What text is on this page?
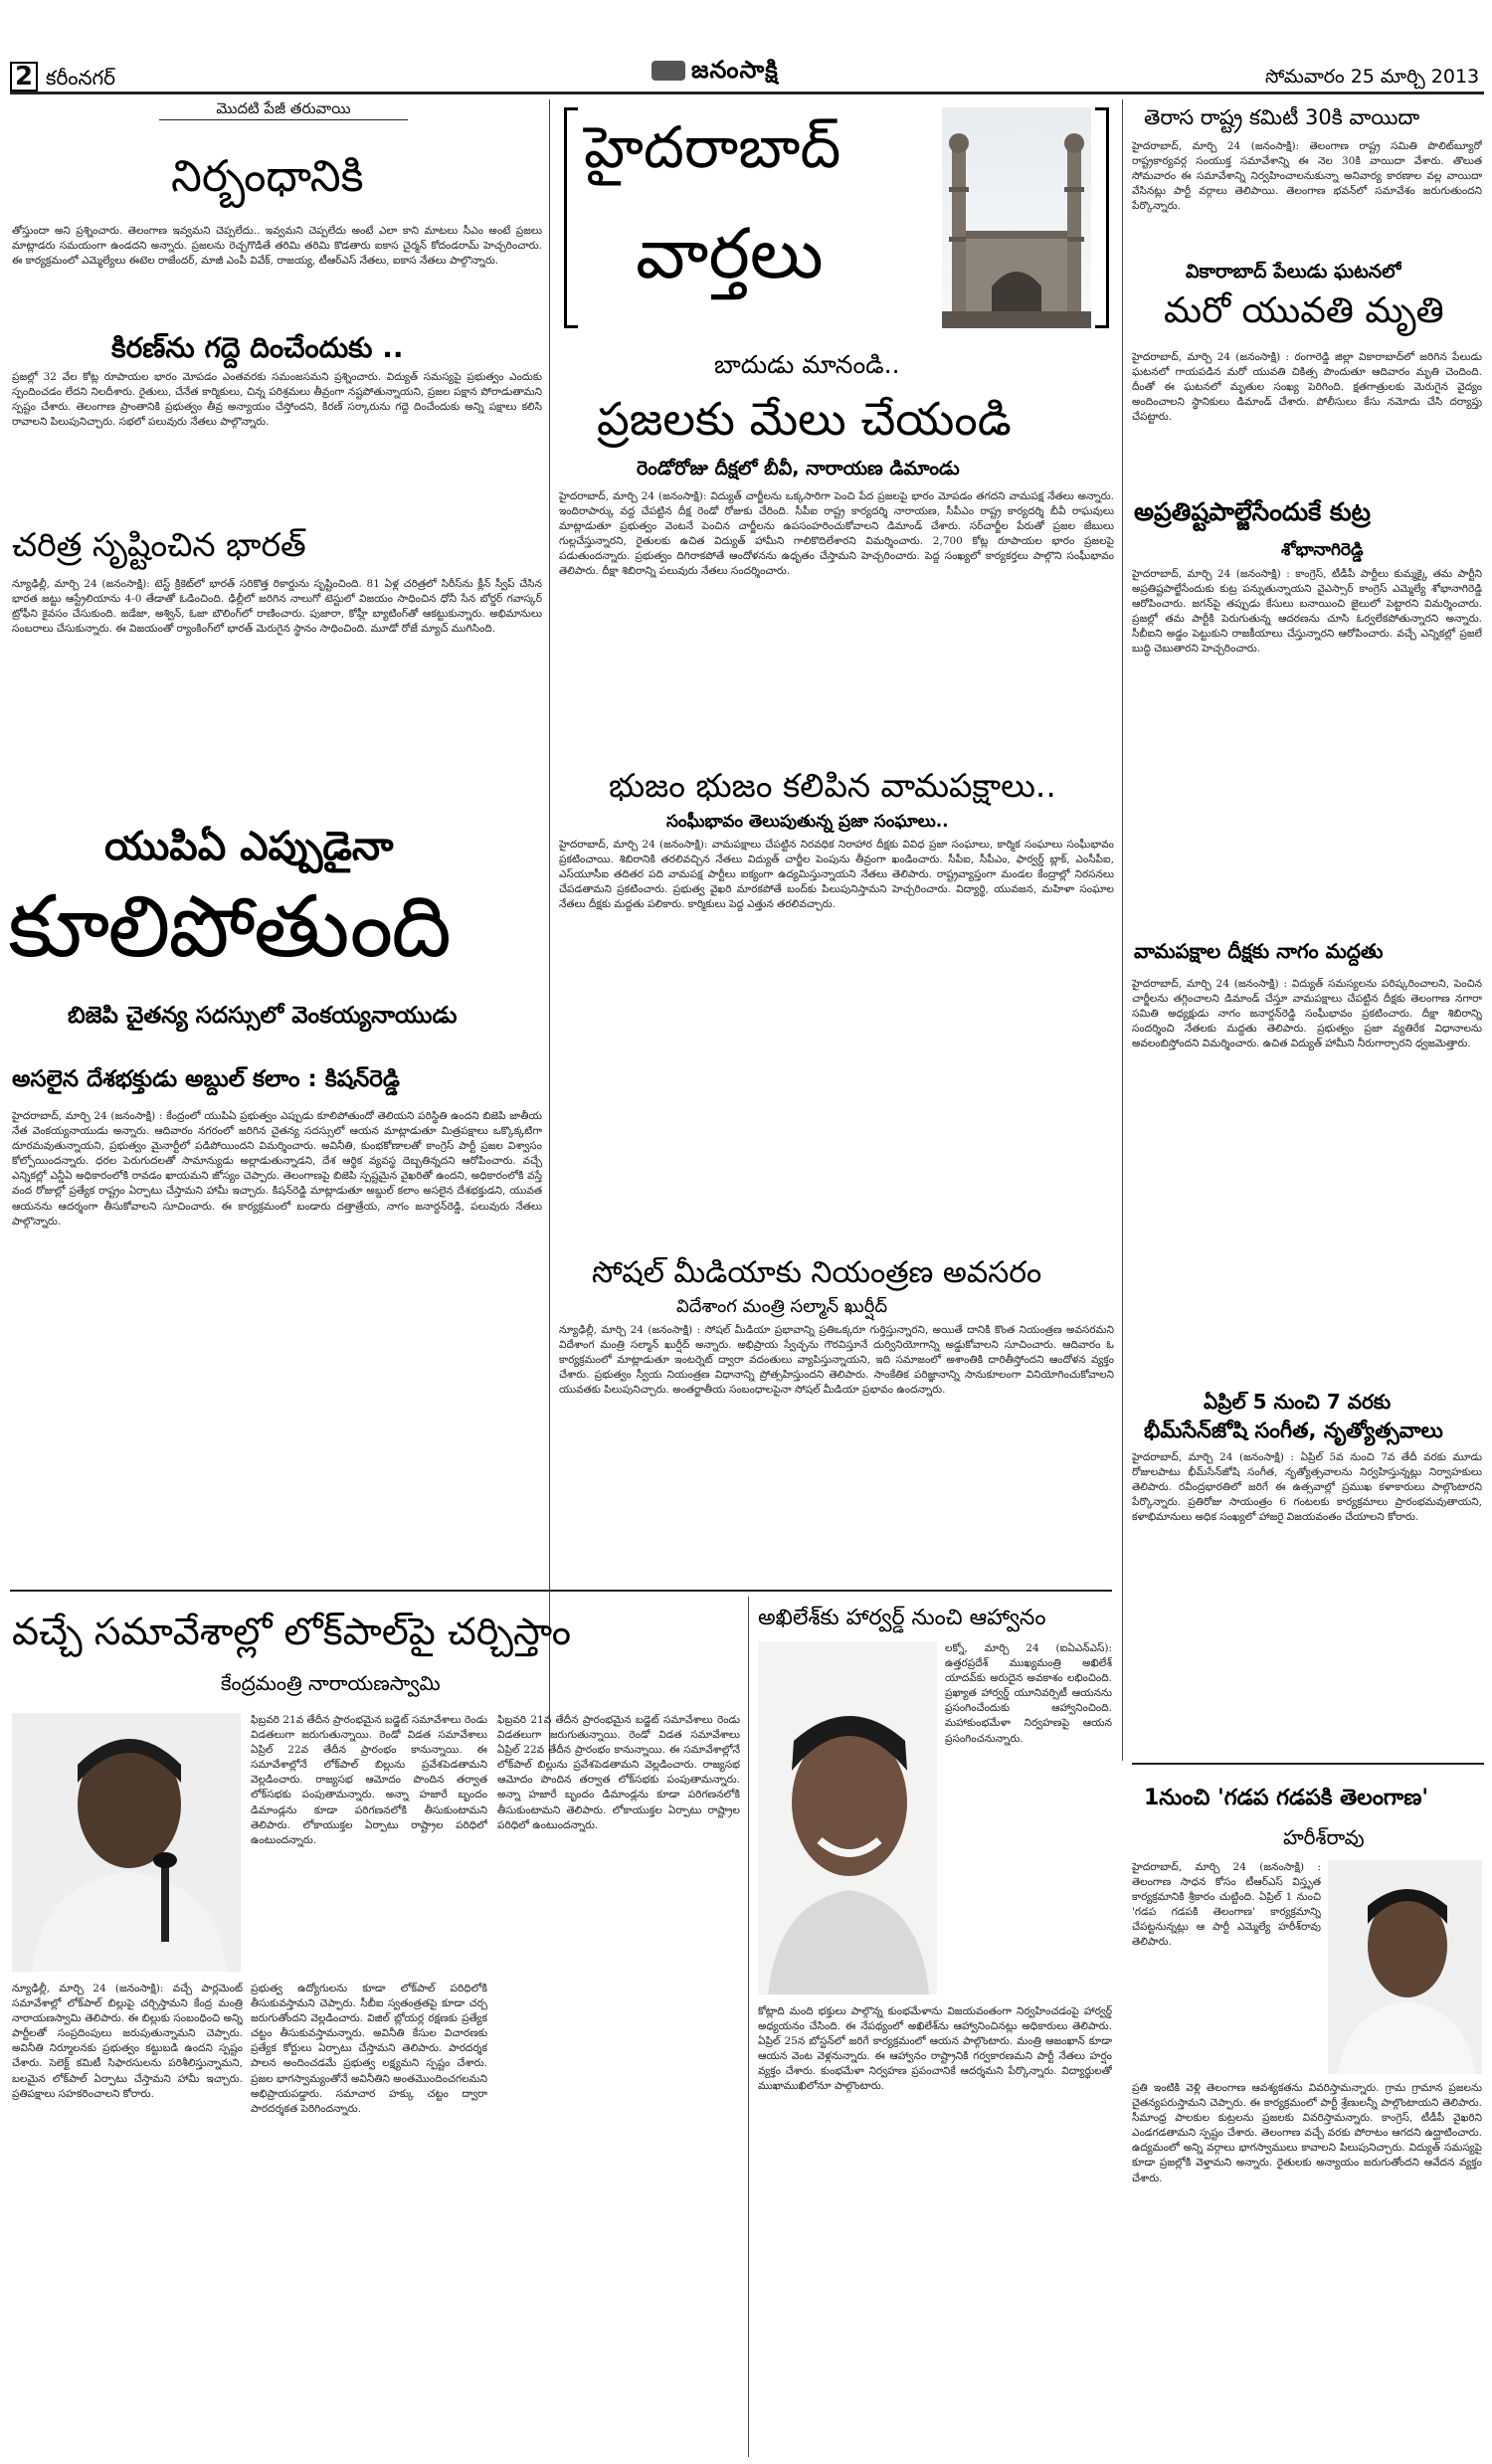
2 కరీంనగర్	జనంసాక్షి	సోమవారం 25 మార్చి 2013
మొదటి పేజీ తరువాయి
నిర్బంధానికి
తోస్తుందా అని ప్రశ్నించారు. తెలంగాణ ఇవ్వమని చెప్పలేదు.. ఇవ్వమని చెప్పలేదు అంటే ఎలా కాని మాటలు సీఎం అంటే ప్రజలు మాట్లాడరు సమయంగా ఉండదని అన్నారు. ప్రజలను రెచ్చగొడితే తరిమి తరిమి కొడతారు ఐకాస చైర్మన్ కోదండరామ్ హెచ్చరించారు. ఈ కార్యక్రమంలో ఎమ్మెల్యేలు ఈటెల రాజేందర్, మాజీ ఎంపీ వివేక్, రాజయ్య, టీఆర్ఎస్ నేతలు, ఐకాస నేతలు పాల్గొన్నారు.
కిరణ్‌ను గద్దె దించేందుకు ..
ప్రజల్లో 32 వేల కోట్ల రూపాయల భారం మోపడం ఎంతవరకు సమంజసమని ప్రశ్నించారు. విద్యుత్ సమస్యపై ప్రభుత్వం ఎందుకు స్పందించడం లేదని నిలదీశారు. రైతులు, చేనేత కార్మికులు, చిన్న పరిశ్రమలు తీవ్రంగా నష్టపోతున్నాయని, ప్రజల పక్షాన పోరాడుతామని స్పష్టం చేశారు. తెలంగాణ ప్రాంతానికి ప్రభుత్వం తీవ్ర అన్యాయం చేస్తోందని, కిరణ్ సర్కారును గద్దె దించేందుకు అన్ని పక్షాలు కలిసి రావాలని పిలుపునిచ్చారు. సభలో పలువురు నేతలు పాల్గొన్నారు.
చరిత్ర సృష్టించిన భారత్
న్యూఢిల్లీ, మార్చి 24 (జనంసాక్షి): టెస్ట్ క్రికెట్‌లో భారత్ సరికొత్త రికార్డును సృష్టించింది. 81 ఏళ్ల చరిత్రలో సిరీస్‌ను క్లీన్ స్వీప్ చేసిన భారత జట్టు ఆస్ట్రేలియాను 4-0 తేడాతో ఓడించింది. ఢిల్లీలో జరిగిన నాలుగో టెస్టులో విజయం సాధించిన ధోనీ సేన బోర్డర్ గవాస్కర్ ట్రోఫీని కైవసం చేసుకుంది. జడేజా, అశ్విన్, ఓజా బౌలింగ్‌లో రాణించారు. పుజారా, కోహ్లీ బ్యాటింగ్‌తో ఆకట్టుకున్నారు. అభిమానులు సంబరాలు చేసుకున్నారు. ఈ విజయంతో ర్యాంకింగ్‌లో భారత్ మెరుగైన స్థానం సాధించింది. మూడో రోజే మ్యాచ్ ముగిసింది.
యుపిఏ ఎప్పుడైనా
కూలిపోతుంది
బిజెపి చైతన్య సదస్సులో వెంకయ్యనాయుడు
అసలైన దేశభక్తుడు అబ్దుల్ కలాం : కిషన్‌రెడ్డి
హైదరాబాద్, మార్చి 24 (జనంసాక్షి) : కేంద్రంలో యుపిఏ ప్రభుత్వం ఎప్పుడు కూలిపోతుందో తెలియని పరిస్థితి ఉందని బిజెపి జాతీయ నేత వెంకయ్యనాయుడు అన్నారు. ఆదివారం నగరంలో జరిగిన చైతన్య సదస్సులో ఆయన మాట్లాడుతూ మిత్రపక్షాలు ఒక్కొక్కటిగా దూరమవుతున్నాయని, ప్రభుత్వం మైనార్టీలో పడిపోయిందని విమర్శించారు. అవినీతి, కుంభకోణాలతో కాంగ్రెస్ పార్టీ ప్రజల విశ్వాసం కోల్పోయిందన్నారు. ధరల పెరుగుదలతో సామాన్యుడు అల్లాడుతున్నాడని, దేశ ఆర్థిక వ్యవస్థ దెబ్బతిన్నదని ఆరోపించారు. వచ్చే ఎన్నికల్లో ఎన్డీఏ అధికారంలోకి రావడం ఖాయమని జోస్యం చెప్పారు. తెలంగాణపై బిజెపి స్పష్టమైన వైఖరితో ఉందని, అధికారంలోకి వస్తే వంద రోజుల్లో ప్రత్యేక రాష్ట్రం ఏర్పాటు చేస్తామని హామీ ఇచ్చారు. కిషన్‌రెడ్డి మాట్లాడుతూ అబ్దుల్ కలాం అసలైన దేశభక్తుడని, యువత ఆయనను ఆదర్శంగా తీసుకోవాలని సూచించారు. ఈ కార్యక్రమంలో బండారు దత్తాత్రేయ, నాగం జనార్దన్‌రెడ్డి, పలువురు నేతలు పాల్గొన్నారు.
హైదరాబాద్
వార్తలు
బాదుడు మానండి..
ప్రజలకు మేలు చేయండి
రెండోరోజు దీక్షలో బీవీ, నారాయణ డిమాండు
హైదరాబాద్, మార్చి 24 (జనంసాక్షి): విద్యుత్ చార్జీలను ఒక్కసారిగా పెంచి పేద ప్రజలపై భారం మోపడం తగదని వామపక్ష నేతలు అన్నారు. ఇందిరాపార్కు వద్ద చేపట్టిన దీక్ష రెండో రోజుకు చేరింది. సీపీఐ రాష్ట్ర కార్యదర్శి నారాయణ, సీపీఎం రాష్ట్ర కార్యదర్శి బీవీ రాఘవులు మాట్లాడుతూ ప్రభుత్వం వెంటనే పెంచిన చార్జీలను ఉపసంహరించుకోవాలని డిమాండ్ చేశారు. సర్‌చార్జీల పేరుతో ప్రజల జేబులు గుల్లచేస్తున్నారని, రైతులకు ఉచిత విద్యుత్ హామీని గాలికొదిలేశారని విమర్శించారు. 2,700 కోట్ల రూపాయల భారం ప్రజలపై పడుతుందన్నారు. ప్రభుత్వం దిగిరాకపోతే ఆందోళనను ఉధృతం చేస్తామని హెచ్చరించారు. పెద్ద సంఖ్యలో కార్యకర్తలు పాల్గొని సంఘీభావం తెలిపారు. దీక్షా శిబిరాన్ని పలువురు నేతలు సందర్శించారు.
భుజం భుజం కలిపిన వామపక్షాలు..
సంఘీభావం తెలుపుతున్న ప్రజా సంఘాలు..
హైదరాబాద్, మార్చి 24 (జనంసాక్షి): వామపక్షాలు చేపట్టిన నిరవధిక నిరాహార దీక్షకు వివిధ ప్రజా సంఘాలు, కార్మిక సంఘాలు సంఘీభావం ప్రకటించాయి. శిబిరానికి తరలివచ్చిన నేతలు విద్యుత్ చార్జీల పెంపును తీవ్రంగా ఖండించారు. సీపీఐ, సీపీఎం, ఫార్వర్డ్ బ్లాక్, ఎంసీపీఐ, ఎస్‌యూసీఐ తదితర పది వామపక్ష పార్టీలు ఐక్యంగా ఉద్యమిస్తున్నాయని నేతలు తెలిపారు. రాష్ట్రవ్యాప్తంగా మండల కేంద్రాల్లో నిరసనలు చేపడతామని ప్రకటించారు. ప్రభుత్వ వైఖరి మారకపోతే బంద్‌కు పిలుపునిస్తామని హెచ్చరించారు. విద్యార్థి, యువజన, మహిళా సంఘాల నేతలు దీక్షకు మద్దతు పలికారు. కార్మికులు పెద్ద ఎత్తున తరలివచ్చారు.
సోషల్ మీడియాకు నియంత్రణ అవసరం
విదేశాంగ మంత్రి సల్మాన్ ఖుర్షీద్
న్యూఢిల్లీ, మార్చి 24 (జనంసాక్షి) : సోషల్ మీడియా ప్రభావాన్ని ప్రతిఒక్కరూ గుర్తిస్తున్నారని, అయితే దానికి కొంత నియంత్రణ అవసరమని విదేశాంగ మంత్రి సల్మాన్ ఖుర్షీద్ అన్నారు. అభిప్రాయ స్వేచ్ఛను గౌరవిస్తూనే దుర్వినియోగాన్ని అడ్డుకోవాలని సూచించారు. ఆదివారం ఓ కార్యక్రమంలో మాట్లాడుతూ ఇంటర్నెట్ ద్వారా వదంతులు వ్యాపిస్తున్నాయని, ఇది సమాజంలో అశాంతికి దారితీస్తోందని ఆందోళన వ్యక్తం చేశారు. ప్రభుత్వం స్వీయ నియంత్రణ విధానాన్ని ప్రోత్సహిస్తుందని తెలిపారు. సాంకేతిక పరిజ్ఞానాన్ని సానుకూలంగా వినియోగించుకోవాలని యువతకు పిలుపునిచ్చారు. అంతర్జాతీయ సంబంధాలపైనా సోషల్ మీడియా ప్రభావం ఉందన్నారు.
తెరాస రాష్ట్ర కమిటీ 30కి వాయిదా
హైదరాబాద్, మార్చి 24 (జనంసాక్షి): తెలంగాణ రాష్ట్ర సమితి పొలిట్‌బ్యూరో రాష్ట్రకార్యవర్గ సంయుక్త సమావేశాన్ని ఈ నెల 30కి వాయిదా వేశారు. తొలుత సోమవారం ఈ సమావేశాన్ని నిర్వహించాలనుకున్నా అనివార్య కారణాల వల్ల వాయిదా వేసినట్లు పార్టీ వర్గాలు తెలిపాయి. తెలంగాణ భవన్‌లో సమావేశం జరుగుతుందని పేర్కొన్నారు.
వికారాబాద్ పేలుడు ఘటనలో
మరో యువతి మృతి
హైదరాబాద్, మార్చి 24 (జనంసాక్షి) : రంగారెడ్డి జిల్లా వికారాబాద్‌లో జరిగిన పేలుడు ఘటనలో గాయపడిన మరో యువతి చికిత్స పొందుతూ ఆదివారం మృతి చెందింది. దీంతో ఈ ఘటనలో మృతుల సంఖ్య పెరిగింది. క్షతగాత్రులకు మెరుగైన వైద్యం అందించాలని స్థానికులు డిమాండ్ చేశారు. పోలీసులు కేసు నమోదు చేసి దర్యాప్తు చేపట్టారు.
అప్రతిష్టపాల్జేసేందుకే కుట్ర
శోభానాగిరెడ్డి
హైదరాబాద్, మార్చి 24 (జనంసాక్షి) : కాంగ్రెస్, టీడీపీ పార్టీలు కుమ్మక్కై తమ పార్టీని అప్రతిష్టపాల్జేసేందుకు కుట్ర పన్నుతున్నాయని వైఎస్సార్ కాంగ్రెస్ ఎమ్మెల్యే శోభానాగిరెడ్డి ఆరోపించారు. జగన్‌పై తప్పుడు కేసులు బనాయించి జైలులో పెట్టారని విమర్శించారు. ప్రజల్లో తమ పార్టీకి పెరుగుతున్న ఆదరణను చూసి ఓర్వలేకపోతున్నారని అన్నారు. సీబీఐని అడ్డం పెట్టుకుని రాజకీయాలు చేస్తున్నారని ఆరోపించారు. వచ్చే ఎన్నికల్లో ప్రజలే బుద్ధి చెబుతారని హెచ్చరించారు.
వామపక్షాల దీక్షకు నాగం మద్దతు
హైదరాబాద్, మార్చి 24 (జనంసాక్షి) : విద్యుత్ సమస్యలను పరిష్కరించాలని, పెంచిన చార్జీలను తగ్గించాలని డిమాండ్ చేస్తూ వామపక్షాలు చేపట్టిన దీక్షకు తెలంగాణ నగారా సమితి అధ్యక్షుడు నాగం జనార్దన్‌రెడ్డి సంఘీభావం ప్రకటించారు. దీక్షా శిబిరాన్ని సందర్శించి నేతలకు మద్దతు తెలిపారు. ప్రభుత్వం ప్రజా వ్యతిరేక విధానాలను అవలంబిస్తోందని విమర్శించారు. ఉచిత విద్యుత్ హామీని నీరుగార్చారని ధ్వజమెత్తారు.
ఏప్రిల్ 5 నుంచి 7 వరకు
భీమ్‌సేన్‌జోషి సంగీత, నృత్యోత్సవాలు
హైదరాబాద్, మార్చి 24 (జనంసాక్షి) : ఏప్రిల్ 5వ నుంచి 7వ తేదీ వరకు మూడు రోజులపాటు భీమ్‌సేన్‌జోషి సంగీత, నృత్యోత్సవాలను నిర్వహిస్తున్నట్లు నిర్వాహకులు తెలిపారు. రవీంద్రభారతిలో జరిగే ఈ ఉత్సవాల్లో ప్రముఖ కళాకారులు పాల్గొంటారని పేర్కొన్నారు. ప్రతిరోజు సాయంత్రం 6 గంటలకు కార్యక్రమాలు ప్రారంభమవుతాయని, కళాభిమానులు అధిక సంఖ్యలో హాజరై విజయవంతం చేయాలని కోరారు.
వచ్చే సమావేశాల్లో లోక్‌పాల్‌పై చర్చిస్తాం
కేంద్రమంత్రి నారాయణస్వామి
ఫిబ్రవరి 21వ తేదీన ప్రారంభమైన బడ్జెట్ సమావేశాలు రెండు విడతలుగా జరుగుతున్నాయి. రెండో విడత సమావేశాలు ఏప్రిల్ 22వ తేదీన ప్రారంభం కానున్నాయి. ఈ సమావేశాల్లోనే లోక్‌పాల్ బిల్లును ప్రవేశపెడతామని వెల్లడించారు. రాజ్యసభ ఆమోదం పొందిన తర్వాత లోక్‌సభకు పంపుతామన్నారు. అన్నా హజారే బృందం డిమాండ్లను కూడా పరిగణనలోకి తీసుకుంటామని తెలిపారు. లోకాయుక్తల ఏర్పాటు రాష్ట్రాల పరిధిలో ఉంటుందన్నారు.
న్యూఢిల్లీ, మార్చి 24 (జనంసాక్షి): వచ్చే పార్లమెంట్ సమావేశాల్లో లోక్‌పాల్ బిల్లుపై చర్చిస్తామని కేంద్ర మంత్రి నారాయణస్వామి తెలిపారు. ఈ బిల్లుకు సంబంధించి అన్ని పార్టీలతో సంప్రదింపులు జరుపుతున్నామని చెప్పారు. అవినీతి నిర్మూలనకు ప్రభుత్వం కట్టుబడి ఉందని స్పష్టం చేశారు. సెలెక్ట్ కమిటీ సిఫారసులను పరిశీలిస్తున్నామని, బలమైన లోక్‌పాల్ ఏర్పాటు చేస్తామని హామీ ఇచ్చారు. ప్రతిపక్షాలు సహకరించాలని కోరారు.
ప్రభుత్వ ఉద్యోగులను కూడా లోక్‌పాల్ పరిధిలోకి తీసుకువస్తామని చెప్పారు. సీబీఐ స్వతంత్రతపై కూడా చర్చ జరుగుతోందని వెల్లడించారు. విజిల్ బ్లోయర్ల రక్షణకు ప్రత్యేక చట్టం తీసుకువస్తామన్నారు. అవినీతి కేసుల విచారణకు ప్రత్యేక కోర్టులు ఏర్పాటు చేస్తామని తెలిపారు. పారదర్శక పాలన అందించడమే ప్రభుత్వ లక్ష్యమని స్పష్టం చేశారు. ప్రజల భాగస్వామ్యంతోనే అవినీతిని అంతమొందించగలమని అభిప్రాయపడ్డారు. సమాచార హక్కు చట్టం ద్వారా పారదర్శకత పెరిగిందన్నారు.
ఫిబ్రవరి 21వ తేదీన ప్రారంభమైన బడ్జెట్ సమావేశాలు రెండు విడతలుగా జరుగుతున్నాయి. రెండో విడత సమావేశాలు ఏప్రిల్ 22వ తేదీన ప్రారంభం కానున్నాయి. ఈ సమావేశాల్లోనే లోక్‌పాల్ బిల్లును ప్రవేశపెడతామని వెల్లడించారు. రాజ్యసభ ఆమోదం పొందిన తర్వాత లోక్‌సభకు పంపుతామన్నారు. అన్నా హజారే బృందం డిమాండ్లను కూడా పరిగణనలోకి తీసుకుంటామని తెలిపారు. లోకాయుక్తల ఏర్పాటు రాష్ట్రాల పరిధిలో ఉంటుందన్నారు.
అఖిలేశ్‌కు హార్వర్డ్ నుంచి ఆహ్వానం
లక్నో, మార్చి 24 (ఐఏఎన్ఎస్): ఉత్తరప్రదేశ్ ముఖ్యమంత్రి అఖిలేశ్ యాదవ్‌కు అరుదైన అవకాశం లభించింది. ప్రఖ్యాత హార్వర్డ్ యూనివర్సిటీ ఆయనను ప్రసంగించేందుకు ఆహ్వానించింది. మహాకుంభమేళా నిర్వహణపై ఆయన ప్రసంగించనున్నారు.
కోట్లాది మంది భక్తులు పాల్గొన్న కుంభమేళాను విజయవంతంగా నిర్వహించడంపై హార్వర్డ్ అధ్యయనం చేసింది. ఈ నేపథ్యంలో అఖిలేశ్‌ను ఆహ్వానించినట్లు అధికారులు తెలిపారు. ఏప్రిల్ 25న బోస్టన్‌లో జరిగే కార్యక్రమంలో ఆయన పాల్గొంటారు. మంత్రి ఆజంఖాన్ కూడా ఆయన వెంట వెళ్లనున్నారు. ఈ ఆహ్వానం రాష్ట్రానికి గర్వకారణమని పార్టీ నేతలు హర్షం వ్యక్తం చేశారు. కుంభమేళా నిర్వహణ ప్రపంచానికే ఆదర్శమని పేర్కొన్నారు. విద్యార్థులతో ముఖాముఖిలోనూ పాల్గొంటారు.
1నుంచి 'గడప గడపకి తెలంగాణ'
హరీశ్‌రావు
హైదరాబాద్, మార్చి 24 (జనంసాక్షి) : తెలంగాణ సాధన కోసం టీఆర్ఎస్ విస్తృత కార్యక్రమానికి శ్రీకారం చుట్టింది. ఏప్రిల్ 1 నుంచి 'గడప గడపకి తెలంగాణ' కార్యక్రమాన్ని చేపట్టనున్నట్లు ఆ పార్టీ ఎమ్మెల్యే హరీశ్‌రావు తెలిపారు.
ప్రతి ఇంటికి వెళ్లి తెలంగాణ ఆవశ్యకతను వివరిస్తామన్నారు. గ్రామ గ్రామాన ప్రజలను చైతన్యపరుస్తామని చెప్పారు. ఈ కార్యక్రమంలో పార్టీ శ్రేణులన్నీ పాల్గొంటాయని తెలిపారు. సీమాంధ్ర పాలకుల కుట్రలను ప్రజలకు వివరిస్తామన్నారు. కాంగ్రెస్, టీడీపీ వైఖరిని ఎండగడతామని స్పష్టం చేశారు. తెలంగాణ వచ్చే వరకు పోరాటం ఆగదని ఉద్ఘాటించారు. ఉద్యమంలో అన్ని వర్గాలు భాగస్వాములు కావాలని పిలుపునిచ్చారు. విద్యుత్ సమస్యపై కూడా ప్రజల్లోకి వెళ్తామని అన్నారు. రైతులకు అన్యాయం జరుగుతోందని ఆవేదన వ్యక్తం చేశారు.
